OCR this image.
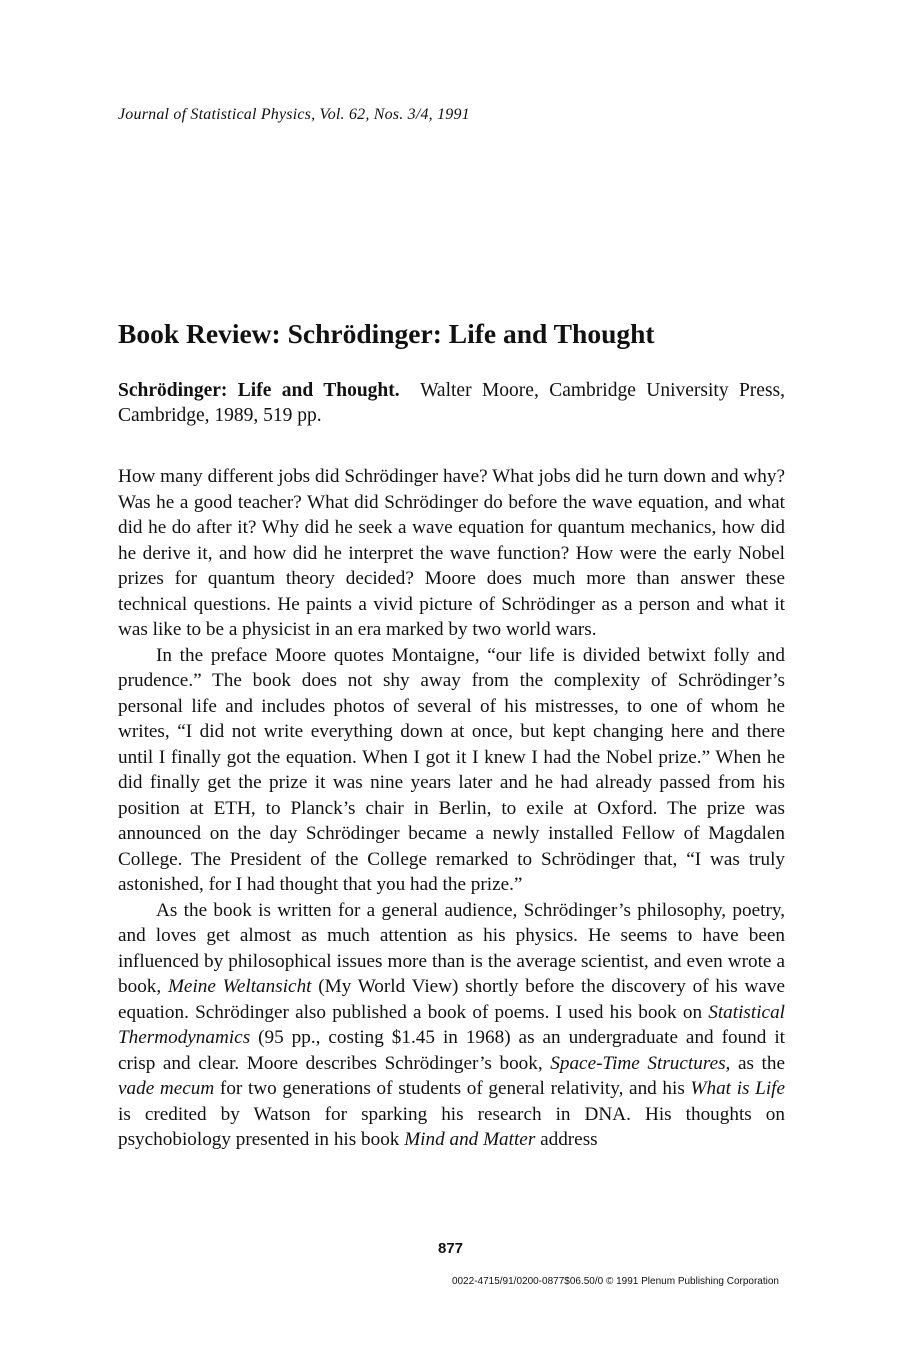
Journal of Statistical Physics, Vol. 62, Nos. 3/4, 1991
Book Review: Schrödinger: Life and Thought

Schrödinger: Life and Thought. Walter Moore, Cambridge University Press, Cambridge, 1989, 519 pp.

How many different jobs did Schrödinger have? What jobs did he turn down and why? Was he a good teacher? What did Schrödinger do before the wave equation, and what did he do after it? Why did he seek a wave equation for quantum mechanics, how did he derive it, and how did he interpret the wave function? How were the early Nobel prizes for quantum theory decided? Moore does much more than answer these technical questions. He paints a vivid picture of Schrödinger as a person and what it was like to be a physicist in an era marked by two world wars.

In the preface Moore quotes Montaigne, “our life is divided betwixt folly and prudence.” The book does not shy away from the complexity of Schrödinger’s personal life and includes photos of several of his mistresses, to one of whom he writes, “I did not write everything down at once, but kept changing here and there until I finally got the equation. When I got it I knew I had the Nobel prize.” When he did finally get the prize it was nine years later and he had already passed from his position at ETH, to Planck’s chair in Berlin, to exile at Oxford. The prize was announced on the day Schrödinger became a newly installed Fellow of Magdalen College. The President of the College remarked to Schrödinger that, “I was truly astonished, for I had thought that you had the prize.”

As the book is written for a general audience, Schrödinger’s philosophy, poetry, and loves get almost as much attention as his physics. He seems to have been influenced by philosophical issues more than is the average scientist, and even wrote a book, Meine Weltansicht (My World View) shortly before the discovery of his wave equation. Schrödinger also published a book of poems. I used his book on Statistical Thermodynamics (95 pp., costing $1.45 in 1968) as an undergraduate and found it crisp and clear. Moore describes Schrödinger’s book, Space-Time Structures, as the vade mecum for two generations of students of general relativity, and his What is Life is credited by Watson for sparking his research in DNA. His thoughts on psychobiology presented in his book Mind and Matter address

877
0022-4715/91/0200-0877$06.50/0 © 1991 Plenum Publishing Corporation
